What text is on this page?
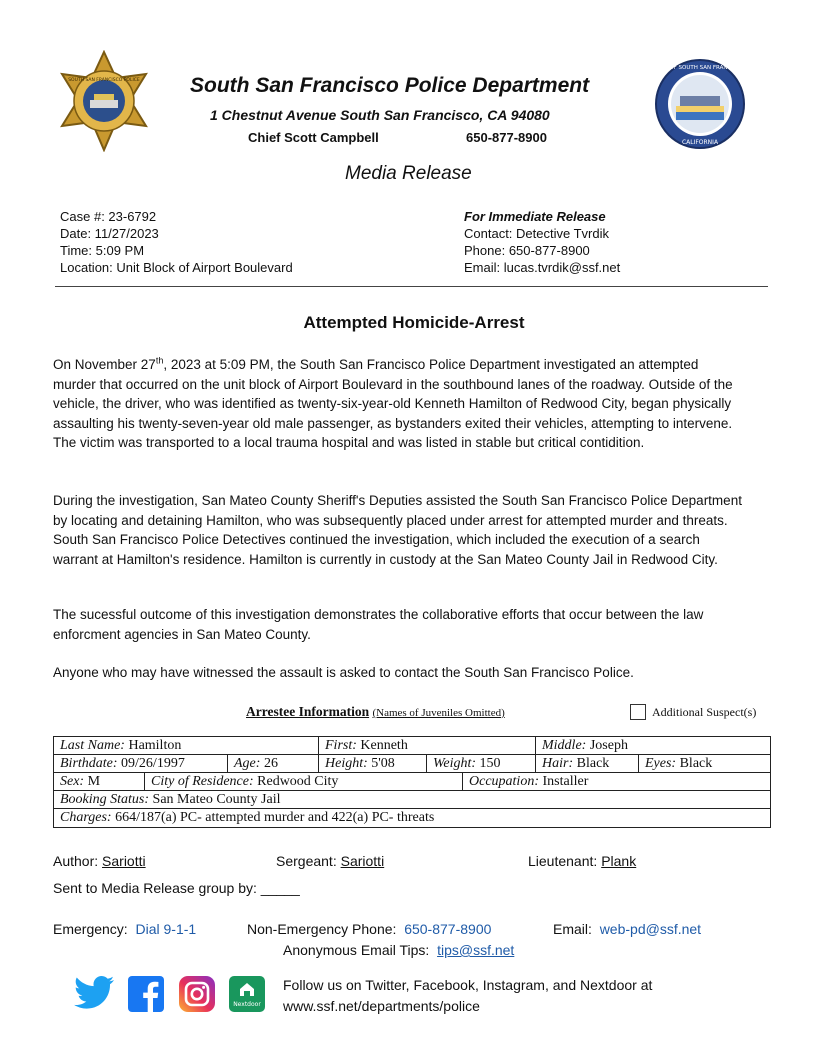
SOUTH SAN FRANCISCO POLICE South San Francisco Police Department
1 Chestnut Avenue South San Francisco, CA 94080
Chief Scott Campbell	650-877-8900
CITY OF SOUTH SAN FRANCISCO
CALIFORNIA
Media Release
Case #: 23-6792
Date: 11/27/2023
Time: 5:09 PM
Location: Unit Block of Airport Boulevard
For Immediate Release
Contact: Detective Tvrdik
Phone: 650-877-8900
Email: lucas.tvrdik@ssf.net
Attempted Homicide-Arrest

On November 27th, 2023 at 5:09 PM, the South San Francisco Police Department investigated an attempted murder that occurred on the unit block of Airport Boulevard in the southbound lanes of the roadway. Outside of the vehicle, the driver, who was identified as twenty-six-year-old Kenneth Hamilton of Redwood City, began physically assaulting his twenty-seven-year old male passenger, as bystanders exited their vehicles, attempting to intervene. The victim was transported to a local trauma hospital and was listed in stable but critical contidition.

During the investigation, San Mateo County Sheriff's Deputies assisted the South San Francisco Police Department by locating and detaining Hamilton, who was subsequently placed under arrest for attempted murder and threats. South San Francisco Police Detectives continued the investigation, which included the execution of a search warrant at Hamilton's residence. Hamilton is currently in custody at the San Mateo County Jail in Redwood City.

The sucessful outcome of this investigation demonstrates the collaborative efforts that occur between the law enforcment agencies in San Mateo County.

Anyone who may have witnessed the assault is asked to contact the South San Francisco Police.

Arrestee Information (Names of Juveniles Omitted)	Additional Suspect(s)
Last Name: Hamilton	First: Kenneth	Middle: Joseph
Birthdate: 09/26/1997	Age: 26	Height: 5'08	Weight: 150	Hair: Black	Eyes: Black
Sex: M	City of Residence: Redwood City	Occupation: Installer
Booking Status: San Mateo County Jail
Charges: 664/187(a) PC- attempted murder and 422(a) PC- threats
Author: Sariotti	Sergeant: Sariotti	Lieutenant: Plank
Sent to Media Release group by: _____
Emergency: Dial 9-1-1	Non-Emergency Phone: 650-877-8900	Email: web-pd@ssf.net
Anonymous Email Tips: tips@ssf.net
Nextdoor
Follow us on Twitter, Facebook, Instagram, and Nextdoor at
www.ssf.net/departments/police
